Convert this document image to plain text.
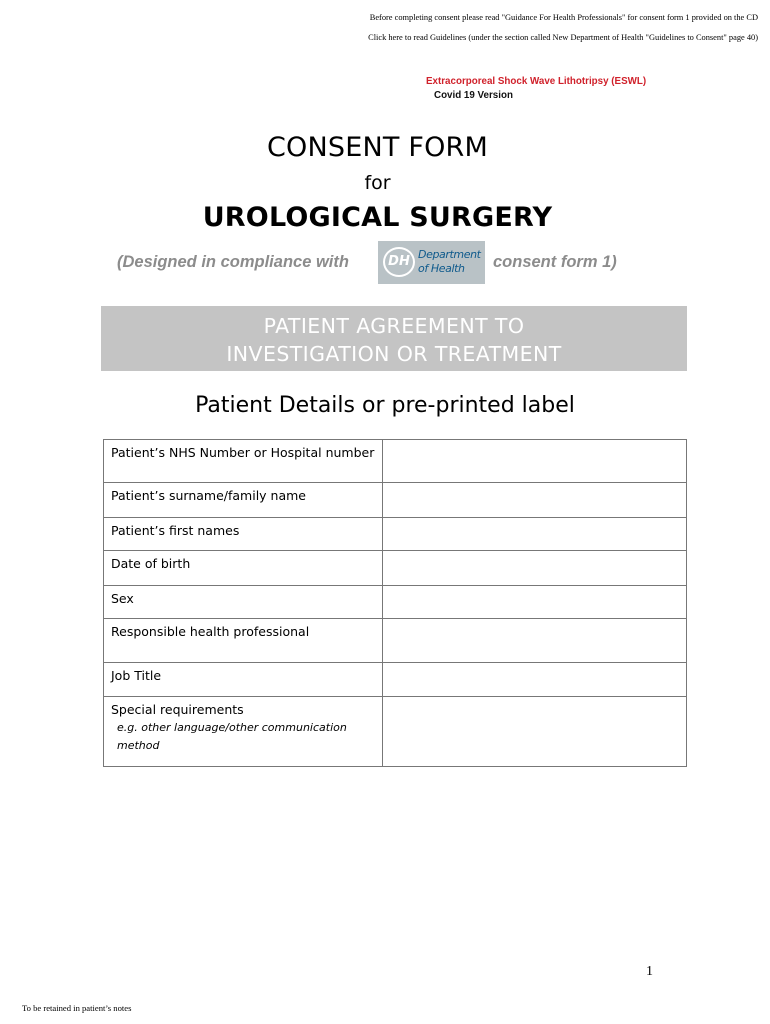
Before completing consent please read "Guidance For Health Professionals" for consent form 1 provided on the CD
Click here to read Guidelines (under the section called New Department of Health "Guidelines to Consent" page 40)
Extracorporeal Shock Wave Lithotripsy (ESWL)
Covid 19 Version
CONSENT FORM
for
UROLOGICAL SURGERY
(Designed in compliance with	DH Department
of Health	consent form 1)
PATIENT AGREEMENT TO
INVESTIGATION OR TREATMENT
Patient Details or pre-printed label
Patient’s NHS Number or Hospital number	
Patient’s surname/family name	
Patient’s first names	
Date of birth	
Sex	
Responsible health professional	
Job Title	
Special requirements
e.g. other language/other communication method	

1
To be retained in patient’s notes
